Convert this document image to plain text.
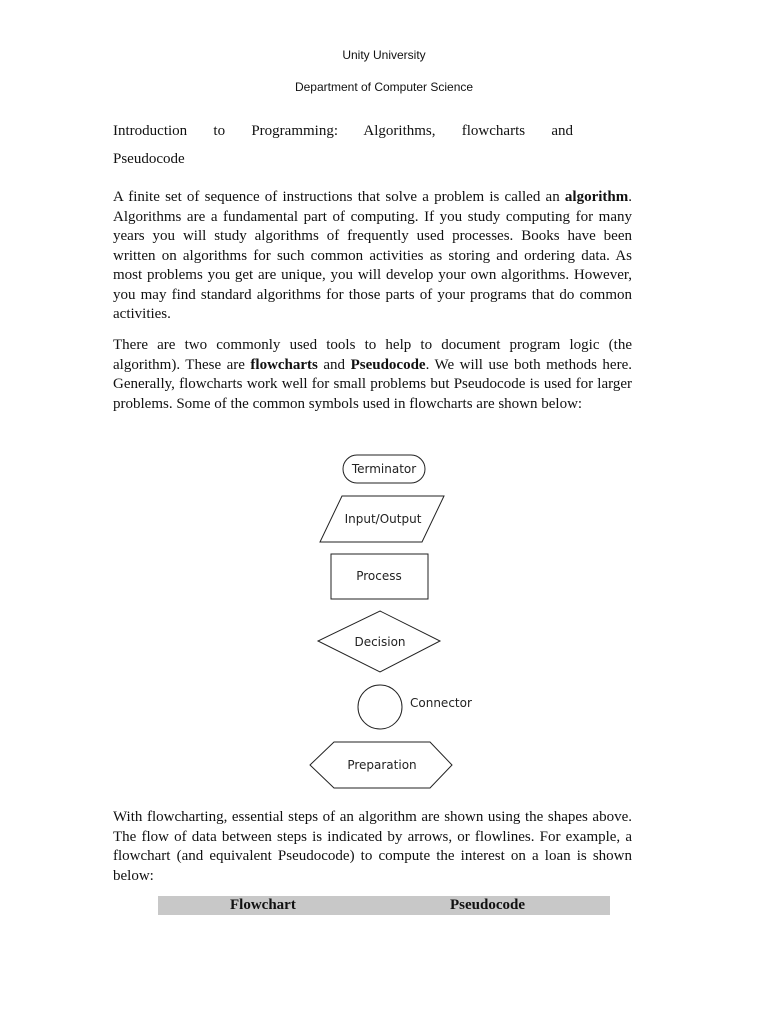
Unity University
Department of Computer Science
Introduction to Programming: Algorithms, flowcharts and
Pseudocode
A finite set of sequence of instructions that solve a problem is called an algorithm. Algorithms are a fundamental part of computing. If you study computing for many years you will study algorithms of frequently used processes. Books have been written on algorithms for such common activities as storing and ordering data. As most problems you get are unique, you will develop your own algorithms. However, you may find standard algorithms for those parts of your programs that do common activities.
There are two commonly used tools to help to document program logic (the algorithm). These are flowcharts and Pseudocode. We will use both methods here. Generally, flowcharts work well for small problems but Pseudocode is used for larger problems. Some of the common symbols used in flowcharts are shown below:
Terminator
Input/Output
Process
Decision
Connector
Preparation
With flowcharting, essential steps of an algorithm are shown using the shapes above. The flow of data between steps is indicated by arrows, or flowlines. For example, a flowchart (and equivalent Pseudocode) to compute the interest on a loan is shown below:
Flowchart	Pseudocode
